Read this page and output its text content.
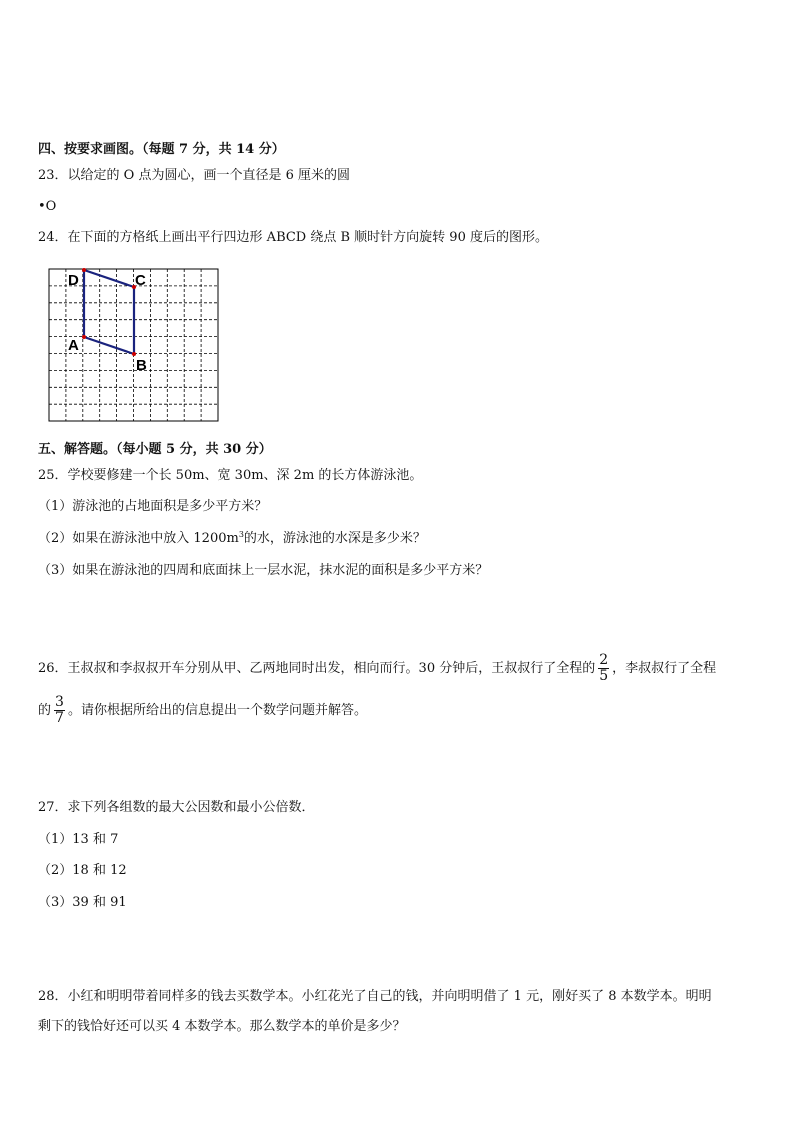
四、按要求画图。（每题 7 分，共 14 分）
23．以给定的 O 点为圆心，画一个直径是 6 厘米的圆
•O
24．在下面的方格纸上画出平行四边形 ABCD 绕点 B 顺时针方向旋转 90 度后的图形。
D	C
A
B
五、解答题。（每小题 5 分，共 30 分）
25．学校要修建一个长 50m、宽 30m、深 2m 的长方体游泳池。
（1）游泳池的占地面积是多少平方米？
（2）如果在游泳池中放入 $1200m^3$的水，游泳池的水深是多少米？
（3）如果在游泳池的四周和底面抹上一层水泥，抹水泥的面积是多少平方米？
26．王叔叔和李叔叔开车分别从甲、乙两地同时出发，相向而行。30 分钟后，王叔叔行了全程的 $\frac{2}{5}$ ，李叔叔行了全程
的 $\frac{3}{7}$ 。请你根据所给出的信息提出一个数学问题并解答。
27．求下列各组数的最大公因数和最小公倍数．
（1）13 和 7
（2）18 和 12
（3）39 和 91
28．小红和明明带着同样多的钱去买数学本。小红花光了自己的钱，并向明明借了 1 元，刚好买了 8 本数学本。明明
剩下的钱恰好还可以买 4 本数学本。那么数学本的单价是多少？
